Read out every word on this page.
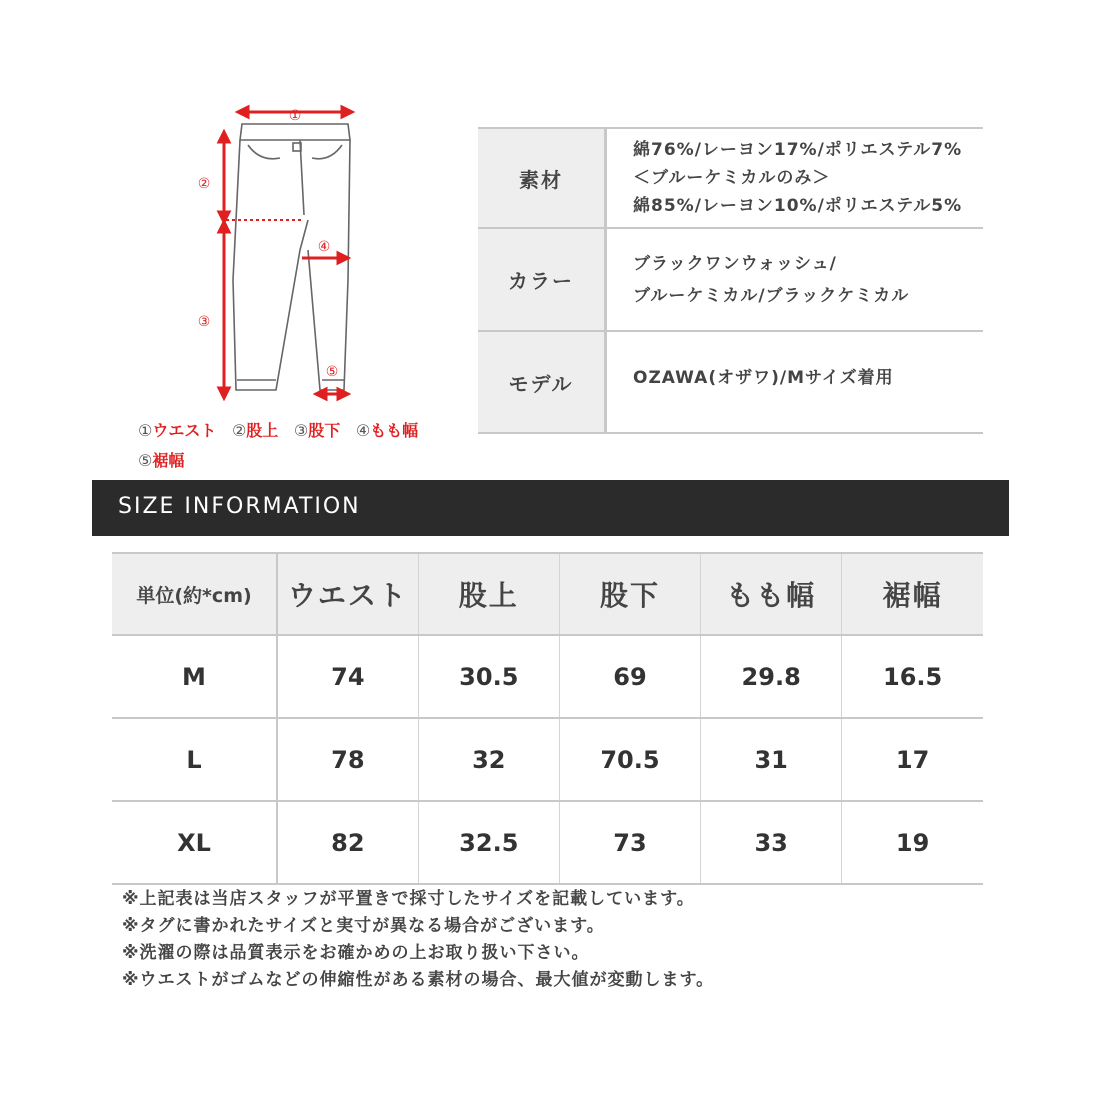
①
②
③
④
⑤
①ウエスト ②股上 ③股下 ④もも幅 ⑤裾幅
素材	綿76%/レーヨン17%/ポリエステル7%
＜ブルーケミカルのみ＞
綿85%/レーヨン10%/ポリエステル5%

カラー	ブラックワンウォッシュ/
ブルーケミカル/ブラックケミカル

モデル	OZAWA(オザワ)/Mサイズ着用
SIZE INFORMATION
単位(約*cm)	ウエスト	股上	股下	もも幅	裾幅
M	74	30.5	69	29.8	16.5
L	78	32	70.5	31	17
XL	82	32.5	73	33	19
※上記表は当店スタッフが平置きで採寸したサイズを記載しています。
※タグに書かれたサイズと実寸が異なる場合がございます。
※洗濯の際は品質表示をお確かめの上お取り扱い下さい。
※ウエストがゴムなどの伸縮性がある素材の場合、最大値が変動します。
